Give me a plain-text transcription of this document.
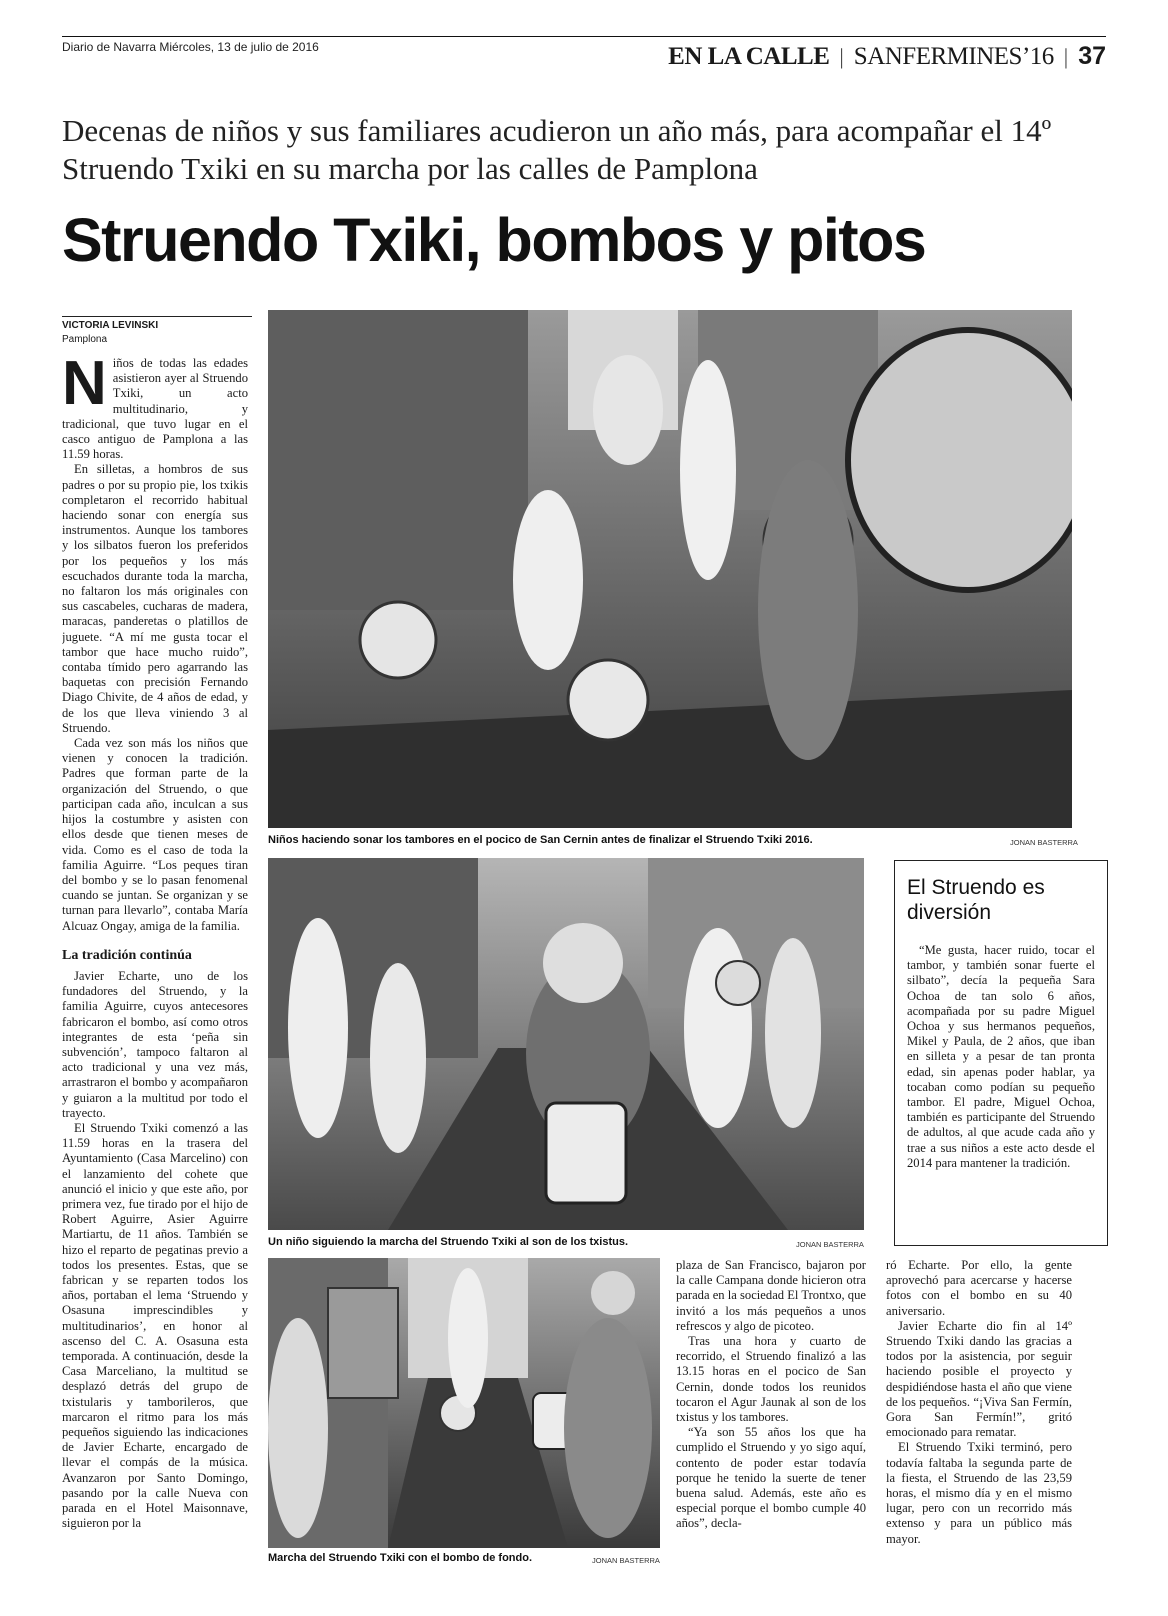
Diario de Navarra Miércoles, 13 de julio de 2016	EN LA CALLE | SANFERMINES’16 | 37
Decenas de niños y sus familiares acudieron un año más, para acompañar el 14º Struendo Txiki en su marcha por las calles de Pamplona
Struendo Txiki, bombos y pitos
VICTORIA LEVINSKI
Pamplona

Niños de todas las edades asistieron ayer al Struendo Txiki, un acto multitudinario, y tradicional, que tuvo lugar en el casco antiguo de Pamplona a las 11.59 horas.

En silletas, a hombros de sus padres o por su propio pie, los txikis completaron el recorrido habitual haciendo sonar con energía sus instrumentos. Aunque los tambores y los silbatos fueron los preferidos por los pequeños y los más escuchados durante toda la marcha, no faltaron los más originales con sus cascabeles, cucharas de madera, maracas, panderetas o platillos de juguete. “A mí me gusta tocar el tambor que hace mucho ruido”, contaba tímido pero agarrando las baquetas con precisión Fernando Diago Chivite, de 4 años de edad, y de los que lleva viniendo 3 al Struendo.

Cada vez son más los niños que vienen y conocen la tradición. Padres que forman parte de la organización del Struendo, o que participan cada año, inculcan a sus hijos la costumbre y asisten con ellos desde que tienen meses de vida. Como es el caso de toda la familia Aguirre. “Los peques tiran del bombo y se lo pasan fenomenal cuando se juntan. Se organizan y se turnan para llevarlo”, contaba María Alcuaz Ongay, amiga de la familia.

La tradición continúa

Javier Echarte, uno de los fundadores del Struendo, y la familia Aguirre, cuyos antecesores fabricaron el bombo, así como otros integrantes de esta ‘peña sin subvención’, tampoco faltaron al acto tradicional y una vez más, arrastraron el bombo y acompañaron y guiaron a la multitud por todo el trayecto.

El Struendo Txiki comenzó a las 11.59 horas en la trasera del Ayuntamiento (Casa Marcelino) con el lanzamiento del cohete que anunció el inicio y que este año, por primera vez, fue tirado por el hijo de Robert Aguirre, Asier Aguirre Martiartu, de 11 años. También se hizo el reparto de pegatinas previo a todos los presentes. Estas, que se fabrican y se reparten todos los años, portaban el lema ‘Struendo y Osasuna imprescindibles y multitudinarios’, en honor al ascenso del C. A. Osasuna esta temporada. A continuación, desde la Casa Marceliano, la multitud se desplazó detrás del grupo de txistularis y tamborileros, que marcaron el ritmo para los más pequeños siguiendo las indicaciones de Javier Echarte, encargado de llevar el compás de la música. Avanzaron por Santo Domingo, pasando por la calle Nueva con parada en el Hotel Maisonnave, siguieron por la

Niños haciendo sonar los tambores en el pocico de San Cernin antes de finalizar el Struendo Txiki 2016.	JONAN BASTERRA
Un niño siguiendo la marcha del Struendo Txiki al son de los txistus.	JONAN BASTERRA
El Struendo es diversión
“Me gusta, hacer ruido, tocar el tambor, y también sonar fuerte el silbato”, decía la pequeña Sara Ochoa de tan solo 6 años, acompañada por su padre Miguel Ochoa y sus hermanos pequeños, Mikel y Paula, de 2 años, que iban en silleta y a pesar de tan pronta edad, sin apenas poder hablar, ya tocaban como podían su pequeño tambor. El padre, Miguel Ochoa, también es participante del Struendo de adultos, al que acude cada año y trae a sus niños a este acto desde el 2014 para mantener la tradición.
Marcha del Struendo Txiki con el bombo de fondo.	JONAN BASTERRA

plaza de San Francisco, bajaron por la calle Campana donde hicieron otra parada en la sociedad El Trontxo, que invitó a los más pequeños a unos refrescos y algo de picoteo.

Tras una hora y cuarto de recorrido, el Struendo finalizó a las 13.15 horas en el pocico de San Cernin, donde todos los reunidos tocaron el Agur Jaunak al son de los txistus y los tambores.

“Ya son 55 años los que ha cumplido el Struendo y yo sigo aquí, contento de poder estar todavía porque he tenido la suerte de tener buena salud. Además, este año es especial porque el bombo cumple 40 años”, decla-

ró Echarte. Por ello, la gente aprovechó para acercarse y hacerse fotos con el bombo en su 40 aniversario.

Javier Echarte dio fin al 14º Struendo Txiki dando las gracias a todos por la asistencia, por seguir haciendo posible el proyecto y despidiéndose hasta el año que viene de los pequeños. “¡Viva San Fermín, Gora San Fermín!”, gritó emocionado para rematar.

El Struendo Txiki terminó, pero todavía faltaba la segunda parte de la fiesta, el Struendo de las 23,59 horas, el mismo día y en el mismo lugar, pero con un recorrido más extenso y para un público más mayor.
